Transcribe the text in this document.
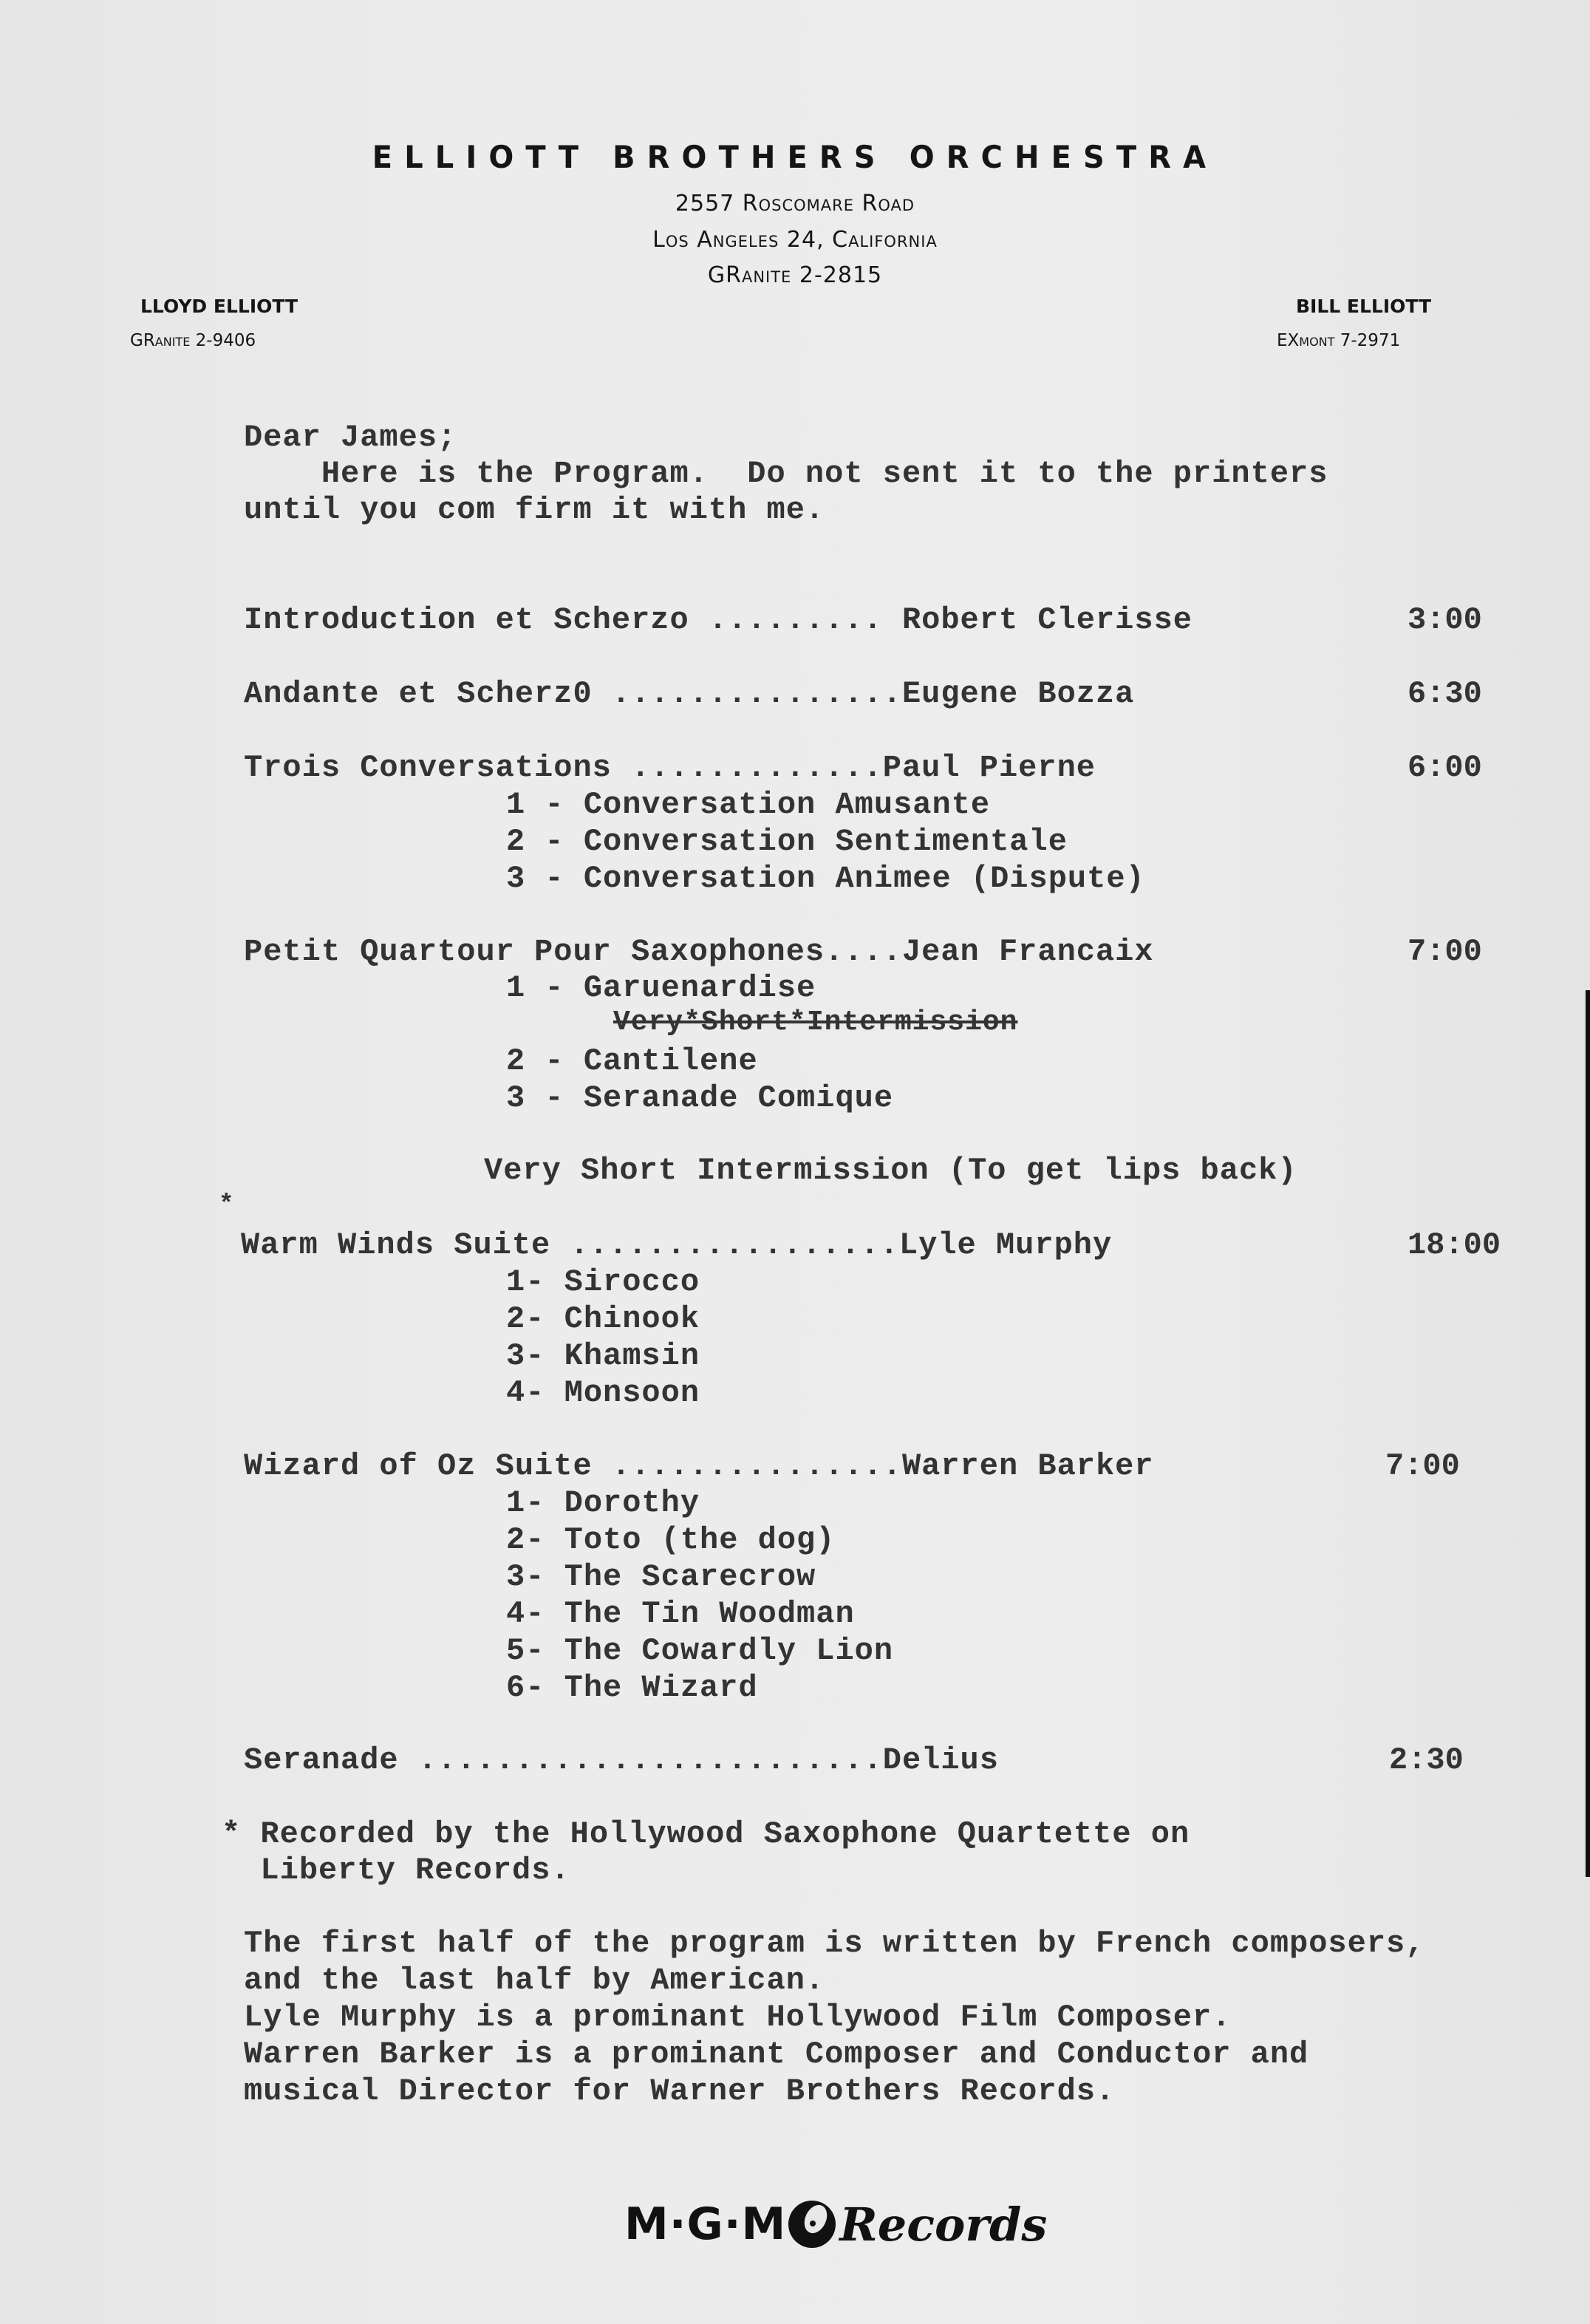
ELLIOTT BROTHERS ORCHESTRA
2557 Roscomare Road
Los Angeles 24, California
GRanite 2-2815
LLOYD ELLIOTT
GRanite 2-9406
BILL ELLIOTT
EXmont 7-2971
Dear James;
Here is the Program.  Do not sent it to the printers
until you com firm it with me.
Introduction et Scherzo ......... Robert Clerisse	3:00
Andante et Scherz0 ...............Eugene Bozza	6:30
Trois Conversations .............Paul Pierne	6:00
1 - Conversation Amusante
2 - Conversation Sentimentale
3 - Conversation Animee (Dispute)
Petit Quartour Pour Saxophones....Jean Francaix	7:00
1 - Garuenardise
Very*Short*Intermission
2 - Cantilene
3 - Seranade Comique
Very Short Intermission (To get lips back)
*
Warm Winds Suite .................Lyle Murphy	18:00
1- Sirocco
2- Chinook
3- Khamsin
4- Monsoon
Wizard of Oz Suite ...............Warren Barker	7:00
1- Dorothy
2- Toto (the dog)
3- The Scarecrow
4- The Tin Woodman
5- The Cowardly Lion
6- The Wizard
Seranade ........................Delius	2:30
* Recorded by the Hollywood Saxophone Quartette on
Liberty Records.
The first half of the program is written by French composers,
and the last half by American.
Lyle Murphy is a prominant Hollywood Film Composer.
Warren Barker is a prominant Composer and Conductor and
musical Director for Warner Brothers Records.
M·G·M Records
